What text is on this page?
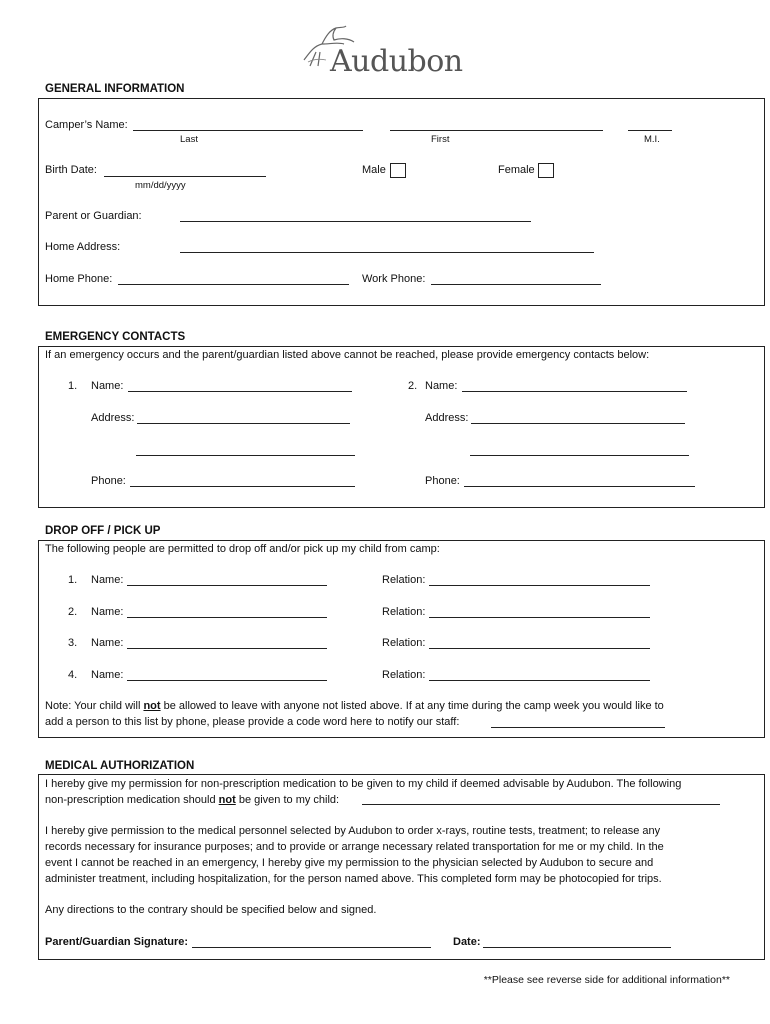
Audubon
GENERAL INFORMATION
Camper’s Name:
Last	First	M.I.
Birth Date:
mm/dd/yyyy
Male	Female
Parent or Guardian:
Home Address:
Home Phone:	Work Phone:
EMERGENCY CONTACTS
If an emergency occurs and the parent/guardian listed above cannot be reached, please provide emergency contacts below:
1. Name:	2. Name:
Address:	Address:
Phone:	Phone:
DROP OFF / PICK UP
The following people are permitted to drop off and/or pick up my child from camp:
1. Name:	Relation:
2. Name:	Relation:
3. Name:	Relation:
4. Name:	Relation:
Note: Your child will not be allowed to leave with anyone not listed above. If at any time during the camp week you would like to
add a person to this list by phone, please provide a code word here to notify our staff:
MEDICAL AUTHORIZATION
I hereby give my permission for non-prescription medication to be given to my child if deemed advisable by Audubon. The following
non-prescription medication should not be given to my child:
I hereby give permission to the medical personnel selected by Audubon to order x-rays, routine tests, treatment; to release any
records necessary for insurance purposes; and to provide or arrange necessary related transportation for me or my child. In the
event I cannot be reached in an emergency, I hereby give my permission to the physician selected by Audubon to secure and
administer treatment, including hospitalization, for the person named above. This completed form may be photocopied for trips.
Any directions to the contrary should be specified below and signed.
Parent/Guardian Signature:	Date:
**Please see reverse side for additional information**
